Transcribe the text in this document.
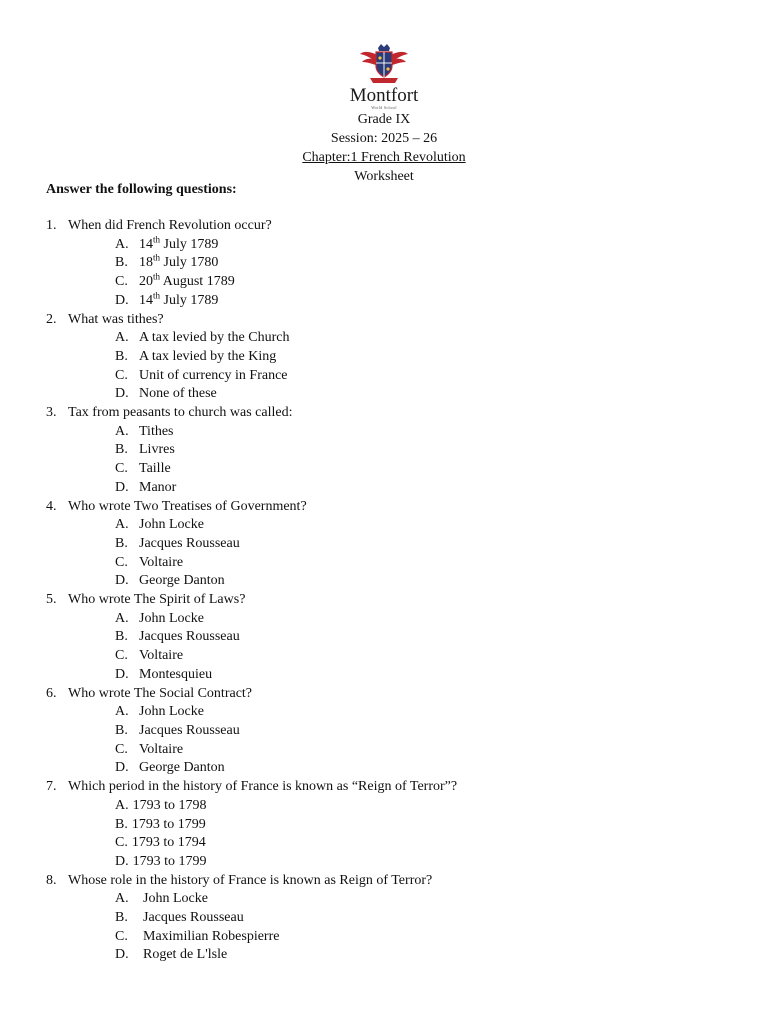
Montfort
World School
Grade IX
Session: 2025 – 26
Chapter:1 French Revolution
Worksheet
Answer the following questions:
1. When did French Revolution occur?
A. 14th July 1789
B. 18th July 1780
C. 20th August 1789
D. 14th July 1789
2. What was tithes?
A. A tax levied by the Church
B. A tax levied by the King
C. Unit of currency in France
D. None of these
3. Tax from peasants to church was called:
A. Tithes
B. Livres
C. Taille
D. Manor
4. Who wrote Two Treatises of Government?
A. John Locke
B. Jacques Rousseau
C. Voltaire
D. George Danton
5. Who wrote The Spirit of Laws?
A. John Locke
B. Jacques Rousseau
C. Voltaire
D. Montesquieu
6. Who wrote The Social Contract?
A. John Locke
B. Jacques Rousseau
C. Voltaire
D. George Danton
7. Which period in the history of France is known as “Reign of Terror”?
A. 1793 to 1798
B. 1793 to 1799
C. 1793 to 1794
D. 1793 to 1799
8. Whose role in the history of France is known as Reign of Terror?
A. John Locke
B. Jacques Rousseau
C. Maximilian Robespierre
D. Roget de L'lsle
